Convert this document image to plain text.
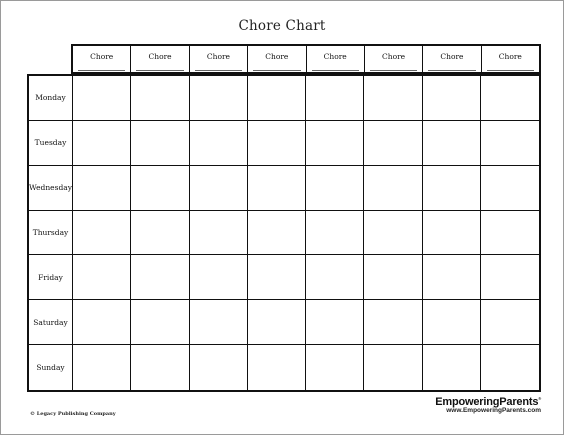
Chore Chart
Chore	Chore	Chore	Chore	Chore	Chore	Chore	Chore
Monday
Tuesday
Wednesday
Thursday
Friday
Saturday
Sunday
© Legacy Publishing Company
EmpoweringParents®
www.EmpoweringParents.com
